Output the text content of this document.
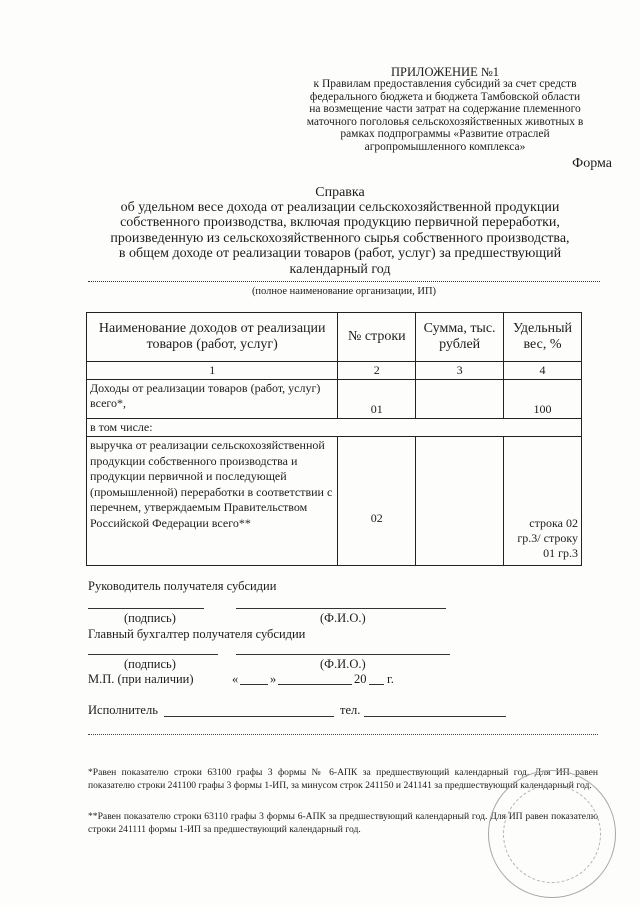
ПРИЛОЖЕНИЕ №1
к Правилам предоставления субсидий за счет средств
федерального бюджета и бюджета Тамбовской области
на возмещение части затрат на содержание племенного
маточного поголовья сельскохозяйственных животных в
рамках подпрограммы «Развитие отраслей
агропромышленного комплекса»
Форма
Справка
об удельном весе дохода от реализации сельскохозяйственной продукции
собственного производства, включая продукцию первичной переработки,
произведенную из сельскохозяйственного сырья собственного производства,
в общем доходе от реализации товаров (работ, услуг) за предшествующий
календарный год
(полное наименование организации, ИП)
Наименование доходов от реализации товаров (работ, услуг)	№ строки	Сумма, тыс. рублей	Удельный вес, %
1	2	3	4
Доходы от реализации товаров (работ, услуг) всего*,	01		100
в том числе:			
выручка от реализации сельскохозяйственной продукции собственного производства и продукции первичной и последующей (промышленной) переработки в соответствии с перечнем, утверждаемым Правительством Российской Федерации всего**	02		строка 02 гр.3/ строку 01 гр.3
Руководитель получателя субсидии
(подпись)	(Ф.И.О.)
Главный бухгалтер получателя субсидии
(подпись)	(Ф.И.О.)
М.П. (при наличии)	«	»	20 г.
Исполнитель	тел.
*Равен показателю строки 63100 графы 3 формы № 6-АПК за предшествующий календарный год. Для ИП равен показателю строки 241100 графы 3 формы 1-ИП, за минусом строк 241150 и 241141 за предшествующий календарный год.
**Равен показателю строки 63110 графы 3 формы 6-АПК за предшествующий календарный год. Для ИП равен показателю строки 241111 формы 1-ИП за предшествующий календарный год.
